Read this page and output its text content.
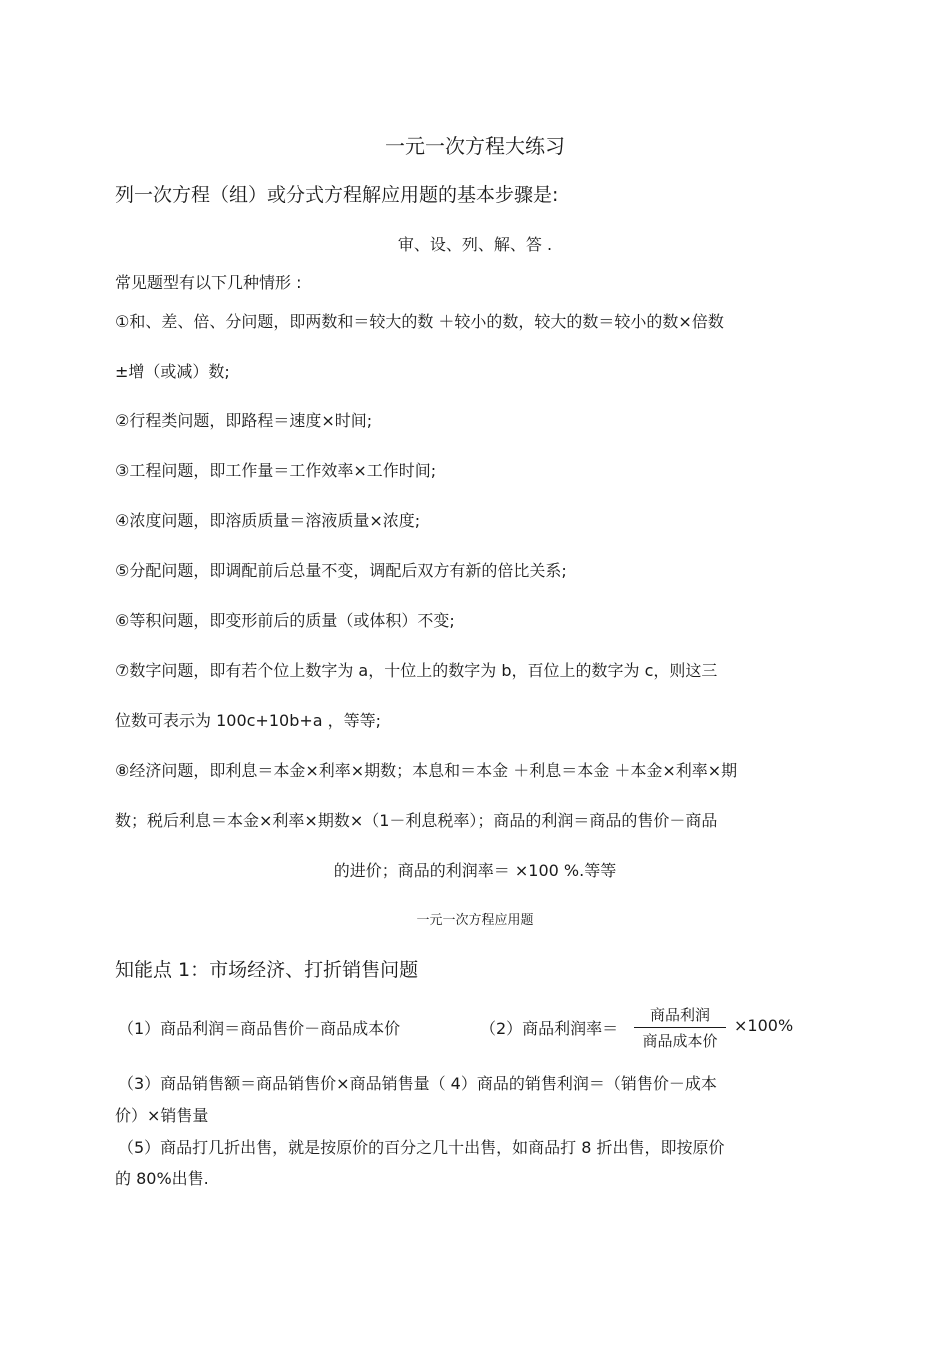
一元一次方程大练习
列一次方程（组）或分式方程解应用题的基本步骤是:
审、设、列、解、答 .
常见题型有以下几种情形 :
①和、差、倍、分问题，即两数和＝较大的数 ＋较小的数，较大的数＝较小的数×倍数
±增（或减）数;
②行程类问题，即路程＝速度×时间;
③工程问题，即工作量＝工作效率×工作时间;
④浓度问题，即溶质质量＝溶液质量×浓度;
⑤分配问题，即调配前后总量不变，调配后双方有新的倍比关系;
⑥等积问题，即变形前后的质量（或体积）不变;
⑦数字问题，即有若个位上数字为 a，十位上的数字为 b，百位上的数字为 c，则这三
位数可表示为 100c+10b+a ，等等;
⑧经济问题，即利息＝本金×利率×期数；本息和＝本金 ＋利息＝本金 ＋本金×利率×期
数；税后利息＝本金×利率×期数×（1－利息税率）；商品的利润＝商品的售价－商品
的进价；商品的利润率＝ ×100 %.等等
一元一次方程应用题
知能点 1：市场经济、打折销售问题
（1）商品利润＝商品售价－商品成本价	（2）商品利润率＝
商品利润
商品成本价
×100%
（3）商品销售额＝商品销售价×商品销售量（ 4）商品的销售利润＝（销售价－成本
价）×销售量
（5）商品打几折出售，就是按原价的百分之几十出售，如商品打 8 折出售，即按原价
的 80%出售.
